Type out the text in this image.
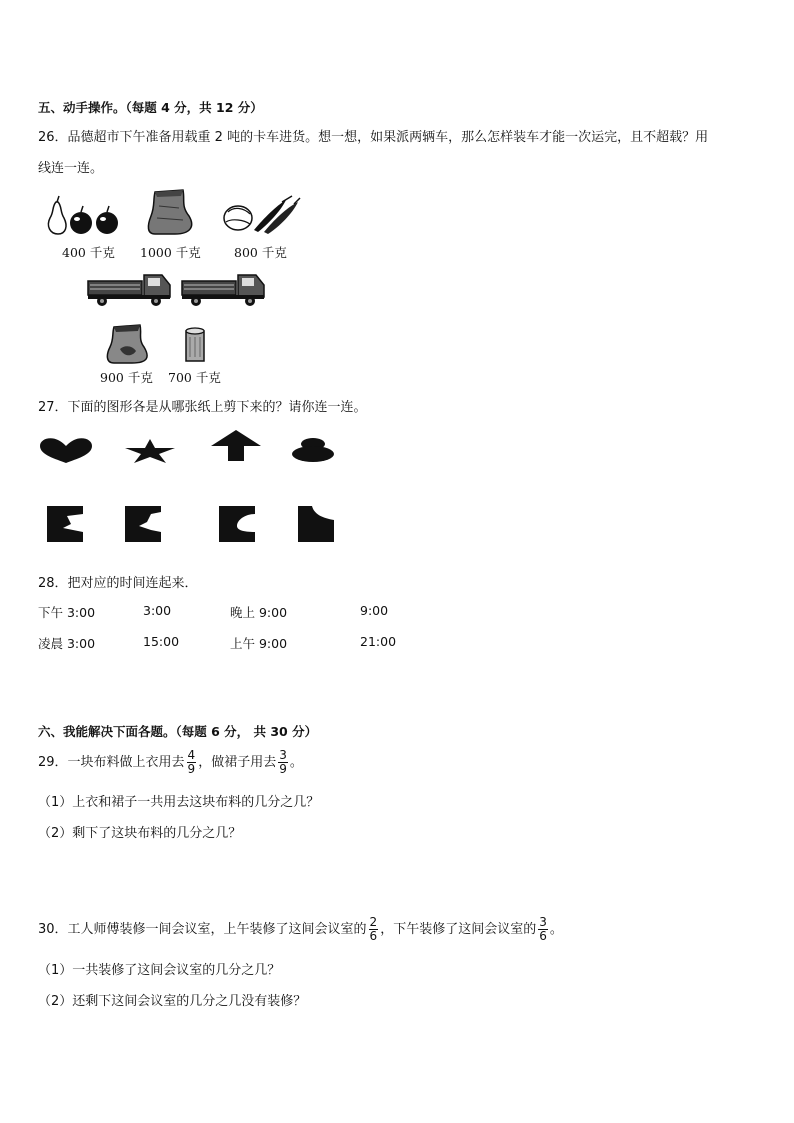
五、动手操作。（每题 4 分，共 12 分）
26．品德超市下午准备用载重 2 吨的卡车进货。想一想，如果派两辆车，那么怎样装车才能一次运完，且不超载？用
线连一连。
400 千克 1000 千克	800 千克
900 千克 700 千克
27．下面的图形各是从哪张纸上剪下来的？请你连一连。
28．把对应的时间连起来．
下午 3:00	3:00	晚上 9:00	9:00
凌晨 3:00	15:00	上午 9:00	21:00
六、我能解决下面各题。（每题 6 分， 共 30 分）
29．一块布料做上衣用去 $\frac{4}{9}$ ，做裙子用去 $\frac{3}{9}$ 。
（1）上衣和裙子一共用去这块布料的几分之几？
（2）剩下了这块布料的几分之几？
30．工人师傅装修一间会议室，上午装修了这间会议室的 $\frac{2}{6}$ ，下午装修了这间会议室的 $\frac{3}{6}$ 。
（1）一共装修了这间会议室的几分之几？
（2）还剩下这间会议室的几分之几没有装修？
